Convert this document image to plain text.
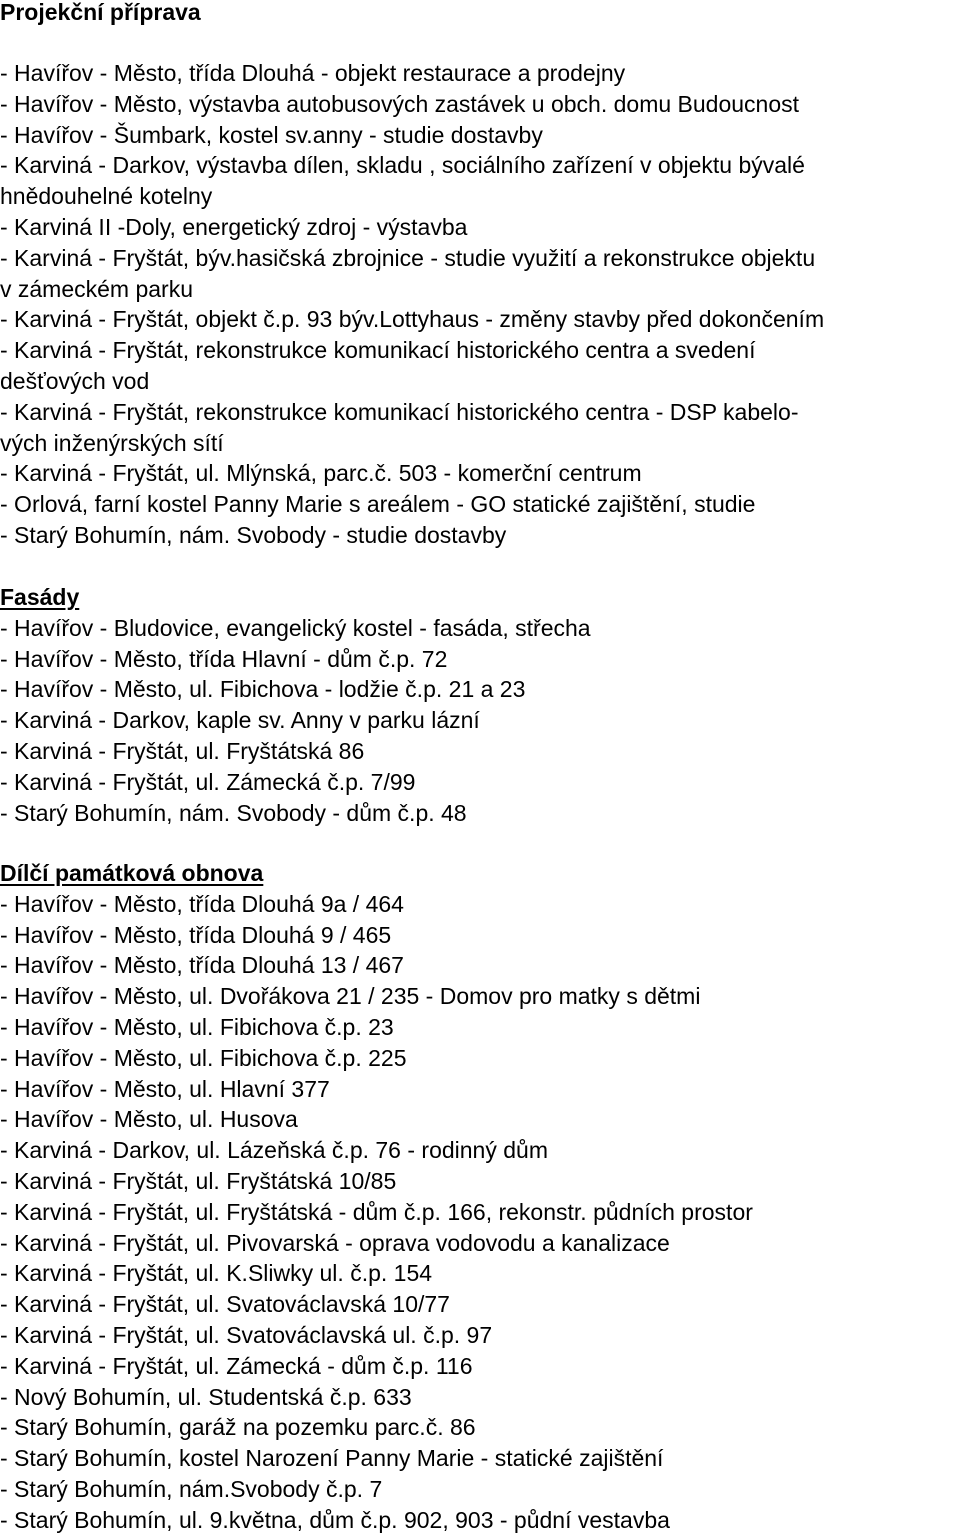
Projekční příprava
- Havířov - Město, třída Dlouhá - objekt restaurace a prodejny
- Havířov - Město, výstavba autobusových zastávek u obch. domu Budoucnost
- Havířov - Šumbark, kostel sv.anny - studie dostavby
- Karviná - Darkov, výstavba dílen, skladu , sociálního zařízení v objektu bývalé
hnědouhelné kotelny
- Karviná II -Doly, energetický zdroj - výstavba
- Karviná - Fryštát, býv.hasičská zbrojnice - studie využití a rekonstrukce objektu
v zámeckém parku
- Karviná - Fryštát, objekt č.p. 93 býv.Lottyhaus - změny stavby před dokončením
- Karviná - Fryštát, rekonstrukce komunikací historického centra a svedení
dešťových vod
- Karviná - Fryštát, rekonstrukce komunikací historického centra - DSP kabelo-
vých inženýrských sítí
- Karviná - Fryštát, ul. Mlýnská, parc.č. 503 - komerční centrum
- Orlová, farní kostel Panny Marie s areálem - GO statické zajištění, studie
- Starý Bohumín, nám. Svobody - studie dostavby
Fasády
- Havířov - Bludovice, evangelický kostel - fasáda, střecha
- Havířov - Město, třída Hlavní - dům č.p. 72
- Havířov - Město, ul. Fibichova - lodžie č.p. 21 a 23
- Karviná - Darkov, kaple sv. Anny v parku lázní
- Karviná - Fryštát, ul. Fryštátská 86
- Karviná - Fryštát, ul. Zámecká č.p. 7/99
- Starý Bohumín, nám. Svobody - dům č.p. 48
Dílčí památková obnova
- Havířov - Město, třída Dlouhá 9a / 464
- Havířov - Město, třída Dlouhá 9 / 465
- Havířov - Město, třída Dlouhá 13 / 467
- Havířov - Město, ul. Dvořákova 21 / 235 - Domov pro matky s dětmi
- Havířov - Město, ul. Fibichova č.p. 23
- Havířov - Město, ul. Fibichova č.p. 225
- Havířov - Město, ul. Hlavní 377
- Havířov - Město, ul. Husova
- Karviná - Darkov, ul. Lázeňská č.p. 76 - rodinný dům
- Karviná - Fryštát, ul. Fryštátská 10/85
- Karviná - Fryštát, ul. Fryštátská - dům č.p. 166, rekonstr. půdních prostor
- Karviná - Fryštát, ul. Pivovarská - oprava vodovodu a kanalizace
- Karviná - Fryštát, ul. K.Sliwky ul. č.p. 154
- Karviná - Fryštát, ul. Svatováclavská 10/77
- Karviná - Fryštát, ul. Svatováclavská ul. č.p. 97
- Karviná - Fryštát, ul. Zámecká - dům č.p. 116
- Nový Bohumín, ul. Studentská č.p. 633
- Starý Bohumín, garáž na pozemku parc.č. 86
- Starý Bohumín, kostel Narození Panny Marie - statické zajištění
- Starý Bohumín, nám.Svobody č.p. 7
- Starý Bohumín, ul. 9.května, dům č.p. 902, 903 - půdní vestavba
